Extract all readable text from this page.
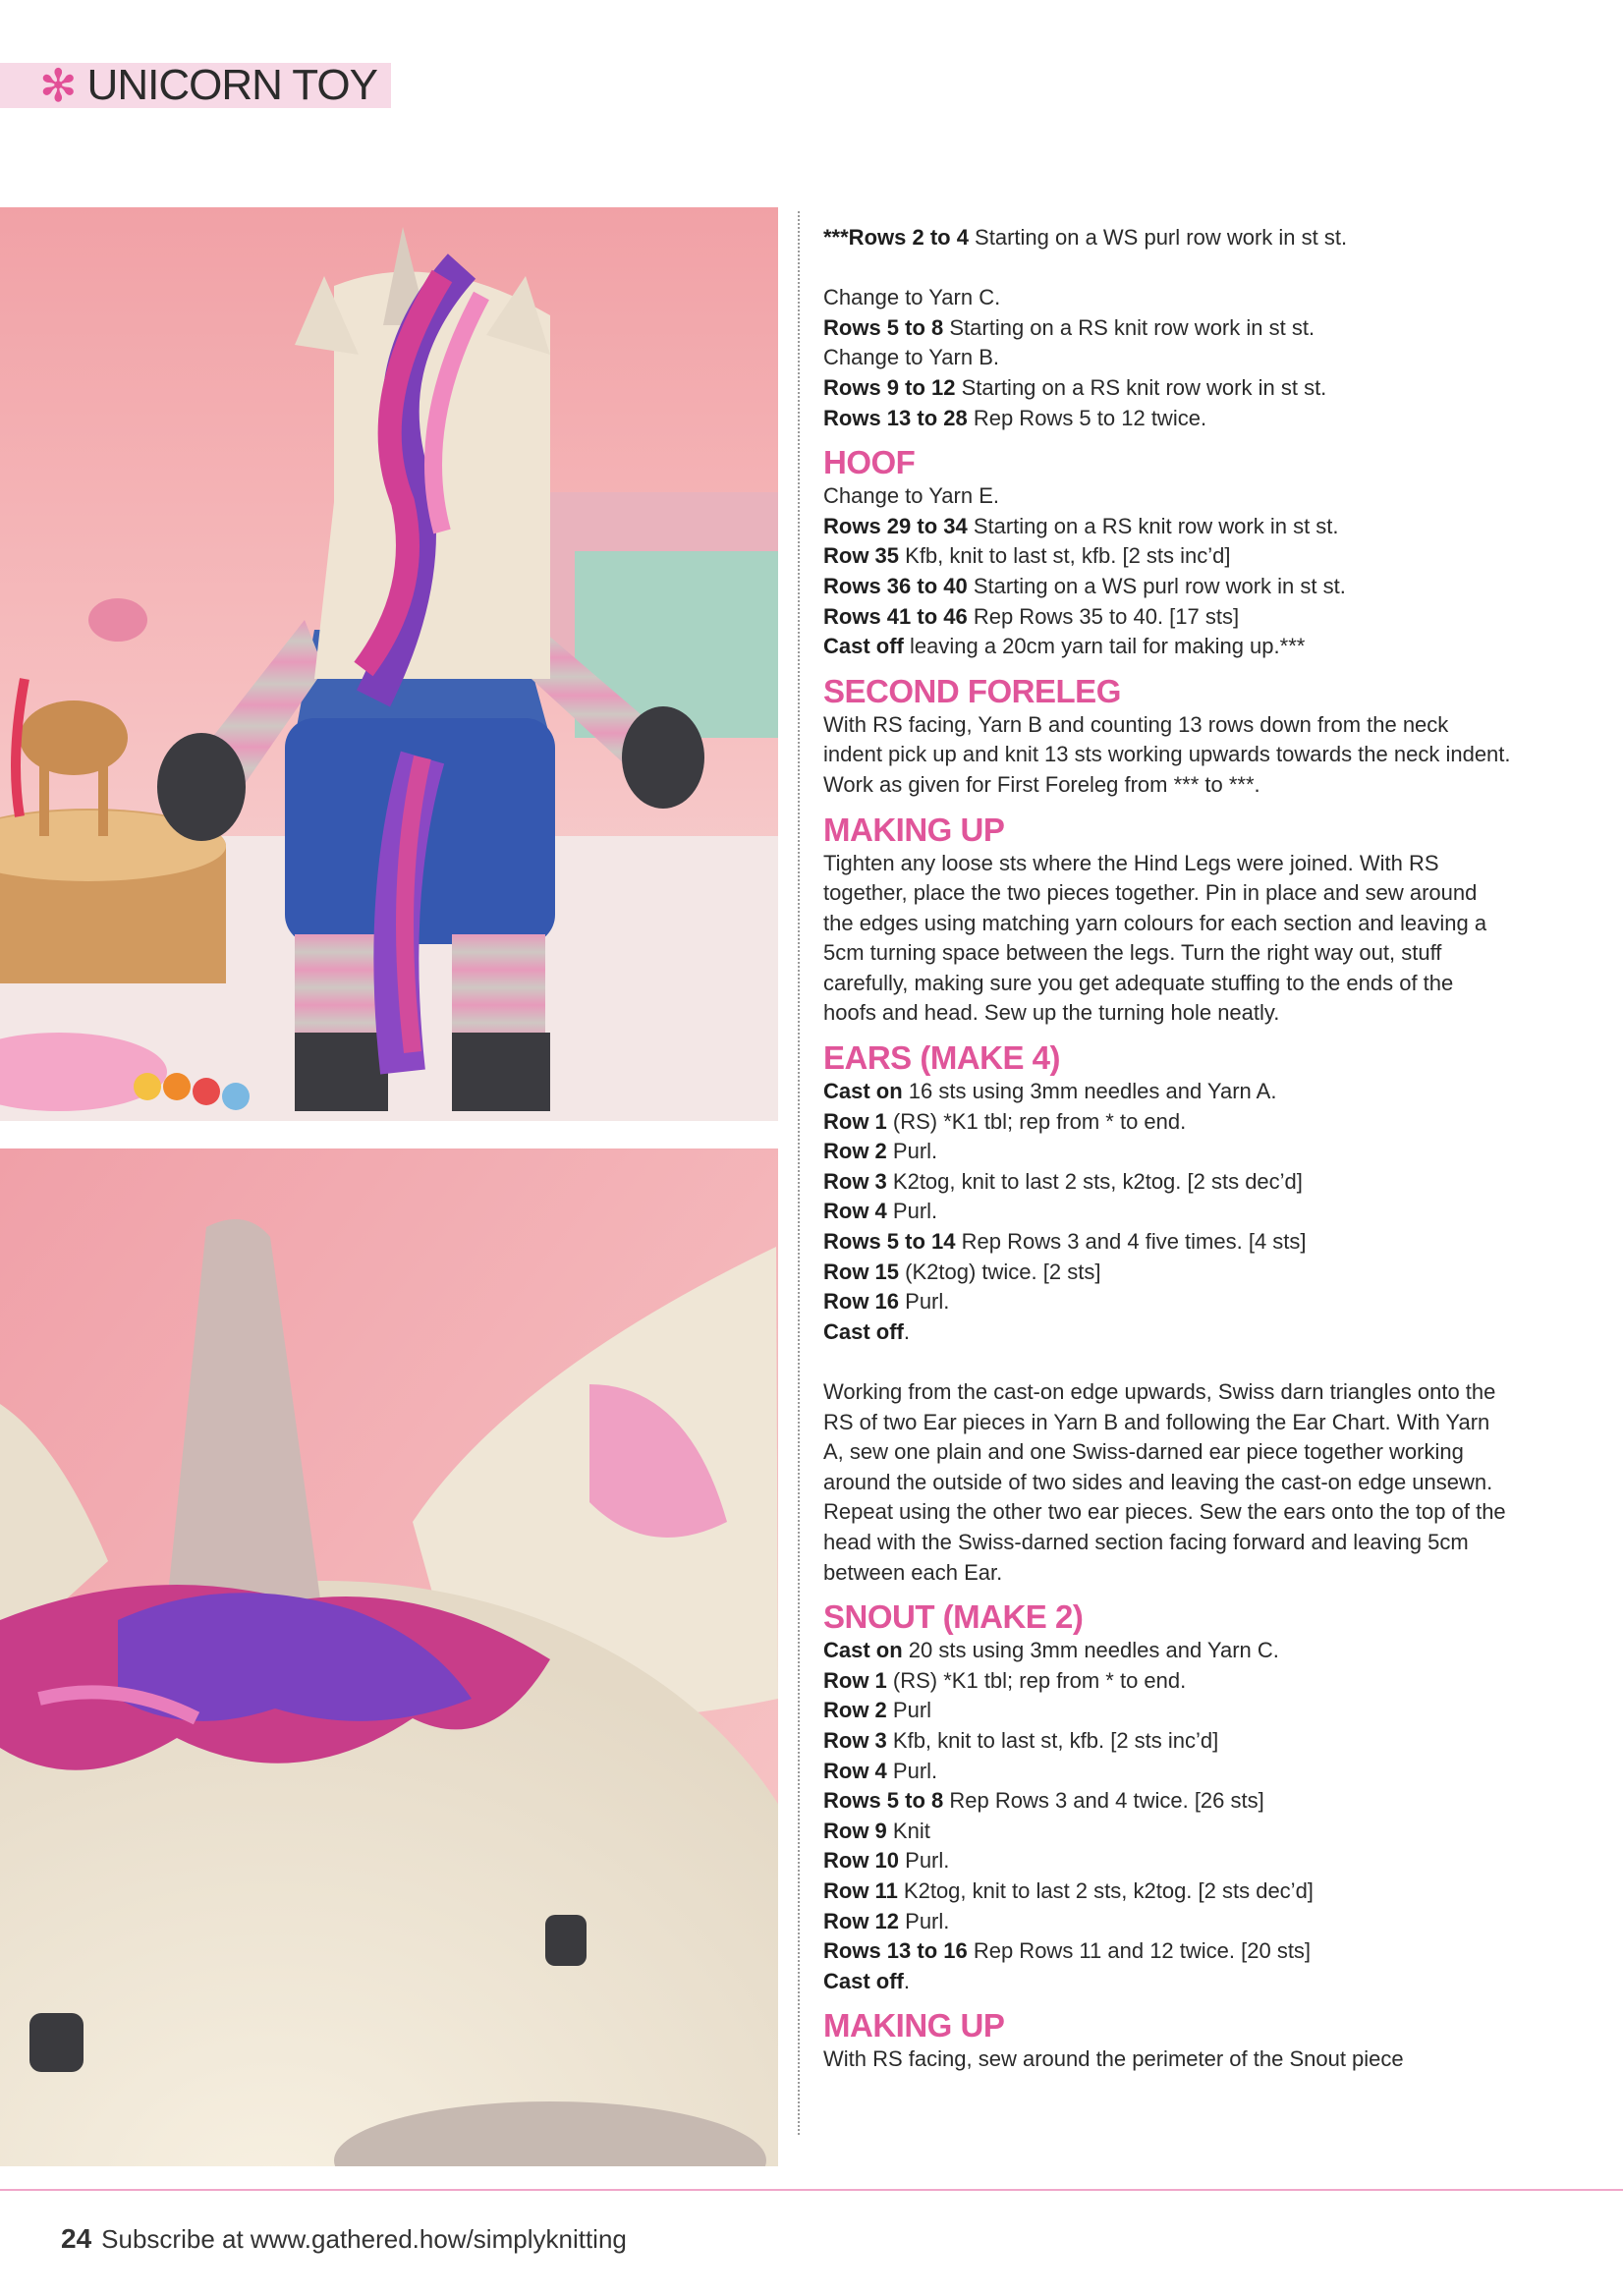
✻ UNICORN TOY

***Rows 2 to 4 Starting on a WS purl row work in st st.

Change to Yarn C.

Rows 5 to 8 Starting on a RS knit row work in st st.

Change to Yarn B.

Rows 9 to 12 Starting on a RS knit row work in st st.

Rows 13 to 28 Rep Rows 5 to 12 twice.

HOOF

Change to Yarn E.

Rows 29 to 34 Starting on a RS knit row work in st st.

Row 35 Kfb, knit to last st, kfb. [2 sts inc’d]

Rows 36 to 40 Starting on a WS purl row work in st st.

Rows 41 to 46 Rep Rows 35 to 40. [17 sts]

Cast off leaving a 20cm yarn tail for making up.***

SECOND FORELEG

With RS facing, Yarn B and counting 13 rows down from the neck indent pick up and knit 13 sts working upwards towards the neck indent.

Work as given for First Foreleg from *** to ***.

MAKING UP

Tighten any loose sts where the Hind Legs were joined. With RS together, place the two pieces together. Pin in place and sew around the edges using matching yarn colours for each section and leaving a 5cm turning space between the legs. Turn the right way out, stuff carefully, making sure you get adequate stuffing to the ends of the hoofs and head. Sew up the turning hole neatly.

EARS (MAKE 4)

Cast on 16 sts using 3mm needles and Yarn A.

Row 1 (RS) *K1 tbl; rep from * to end.

Row 2 Purl.

Row 3 K2tog, knit to last 2 sts, k2tog. [2 sts dec’d]

Row 4 Purl.

Rows 5 to 14 Rep Rows 3 and 4 five times. [4 sts]

Row 15 (K2tog) twice. [2 sts]

Row 16 Purl.

Cast off.

Working from the cast-on edge upwards, Swiss darn triangles onto the RS of two Ear pieces in Yarn B and following the Ear Chart. With Yarn A, sew one plain and one Swiss-darned ear piece together working around the outside of two sides and leaving the cast-on edge unsewn. Repeat using the other two ear pieces. Sew the ears onto the top of the head with the Swiss-darned section facing forward and leaving 5cm between each Ear.

SNOUT (MAKE 2)

Cast on 20 sts using 3mm needles and Yarn C.

Row 1 (RS) *K1 tbl; rep from * to end.

Row 2 Purl

Row 3 Kfb, knit to last st, kfb. [2 sts inc’d]

Row 4 Purl.

Rows 5 to 8 Rep Rows 3 and 4 twice. [26 sts]

Row 9 Knit

Row 10 Purl.

Row 11 K2tog, knit to last 2 sts, k2tog. [2 sts dec’d]

Row 12 Purl.

Rows 13 to 16 Rep Rows 11 and 12 twice. [20 sts]

Cast off.

MAKING UP

With RS facing, sew around the perimeter of the Snout piece

24 Subscribe at www.gathered.how/simplyknitting
